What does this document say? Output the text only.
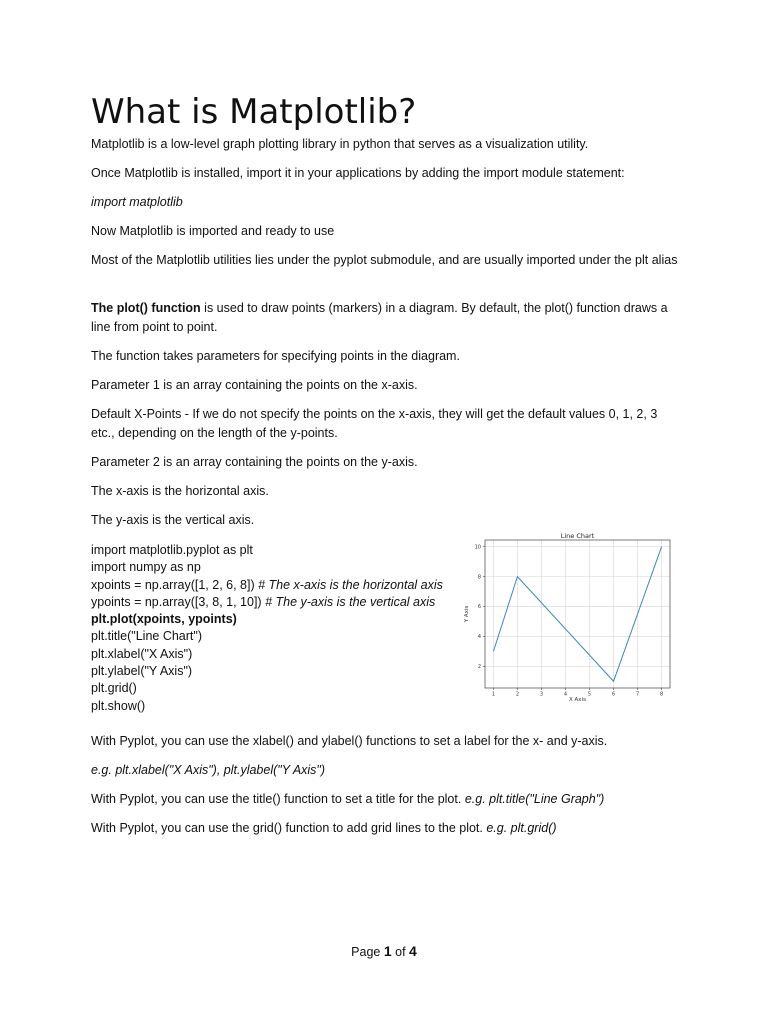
What is Matplotlib?

Matplotlib is a low-level graph plotting library in python that serves as a visualization utility.

Once Matplotlib is installed, import it in your applications by adding the import module statement:

import matplotlib

Now Matplotlib is imported and ready to use

Most of the Matplotlib utilities lies under the pyplot submodule, and are usually imported under the plt alias

The plot() function is used to draw points (markers) in a diagram. By default, the plot() function draws a line from point to point.

The function takes parameters for specifying points in the diagram.

Parameter 1 is an array containing the points on the x-axis.

Default X-Points - If we do not specify the points on the x-axis, they will get the default values 0, 1, 2, 3 etc., depending on the length of the y-points.

Parameter 2 is an array containing the points on the y-axis.

The x-axis is the horizontal axis.

The y-axis is the vertical axis.

import matplotlib.pyplot as plt
import numpy as np
xpoints = np.array([1, 2, 6, 8]) # The x-axis is the horizontal axis
ypoints = np.array([3, 8, 1, 10]) # The y-axis is the vertical axis
plt.plot(xpoints, ypoints)
plt.title("Line Chart")
plt.xlabel("X Axis")
plt.ylabel("Y Axis")
plt.grid()
plt.show()

With Pyplot, you can use the xlabel() and ylabel() functions to set a label for the x- and y-axis.

e.g. plt.xlabel("X Axis"), plt.ylabel("Y Axis")

With Pyplot, you can use the title() function to set a title for the plot. e.g. plt.title("Line Graph")

With Pyplot, you can use the grid() function to add grid lines to the plot. e.g. plt.grid()

Line Chart
1	2	3	4	5	6	7	8
2
4
6
8
10
X Axis
Y Axis
Page 1 of 4
